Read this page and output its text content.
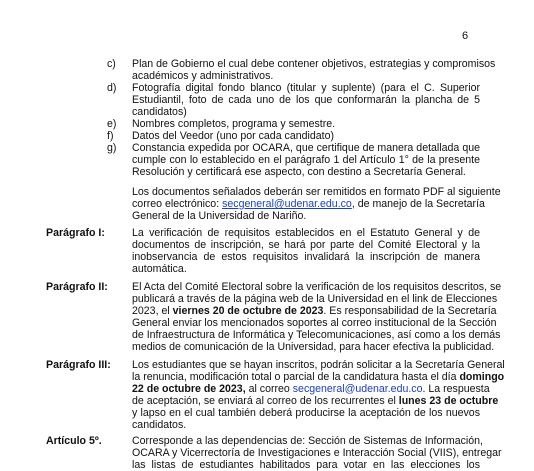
6
c) Plan de Gobierno el cual debe contener objetivos, estrategias y compromisos
académicos y administrativos.
d) Fotografía digital fondo blanco (titular y suplente) (para el C. Superior
Estudiantil, foto de cada uno de los que conformarán la plancha de 5
candidatos)
e) Nombres completos, programa y semestre.
f) Datos del Veedor (uno por cada candidato)
g) Constancia expedida por OCARA, que certifique de manera detallada que
cumple con lo establecido en el parágrafo 1 del Artículo 1° de la presente
Resolución y certificará ese aspecto, con destino a Secretaría General.
Los documentos señalados deberán ser remitidos en formato PDF al siguiente
correo electrónico: secgeneral@udenar.edu.co, de manejo de la Secretaría
General de la Universidad de Nariño.
Parágrafo I:	La verificación de requisitos establecidos en el Estatuto General y de
documentos de inscripción, se hará por parte del Comité Electoral y la
inobservancia de estos requisitos invalidará la inscripción de manera
automática.
Parágrafo II: El Acta del Comité Electoral sobre la verificación de los requisitos descritos, se
publicará a través de la página web de la Universidad en el link de Elecciones
2023, el viernes 20 de octubre de 2023. Es responsabilidad de la Secretaría
General enviar los mencionados soportes al correo institucional de la Sección
de Infraestructura de Informática y Telecomunicaciones, así como a los demás
medios de comunicación de la Universidad, para hacer efectiva la publicidad.
Parágrafo III: Los estudiantes que se hayan inscritos, podrán solicitar a la Secretaría General
la renuncia, modificación total o parcial de la candidatura hasta el día domingo
22 de octubre de 2023, al correo secgeneral@udenar.edu.co. La respuesta
de aceptación, se enviará al correo de los recurrentes el lunes 23 de octubre
y lapso en el cual también deberá producirse la aceptación de los nuevos
candidatos.
Artículo 5º.	Corresponde a las dependencias de: Sección de Sistemas de Información,
OCARA y Vicerrectoría de Investigaciones e Interacción Social (VIIS), entregar
las listas de estudiantes habilitados para votar en las elecciones los
